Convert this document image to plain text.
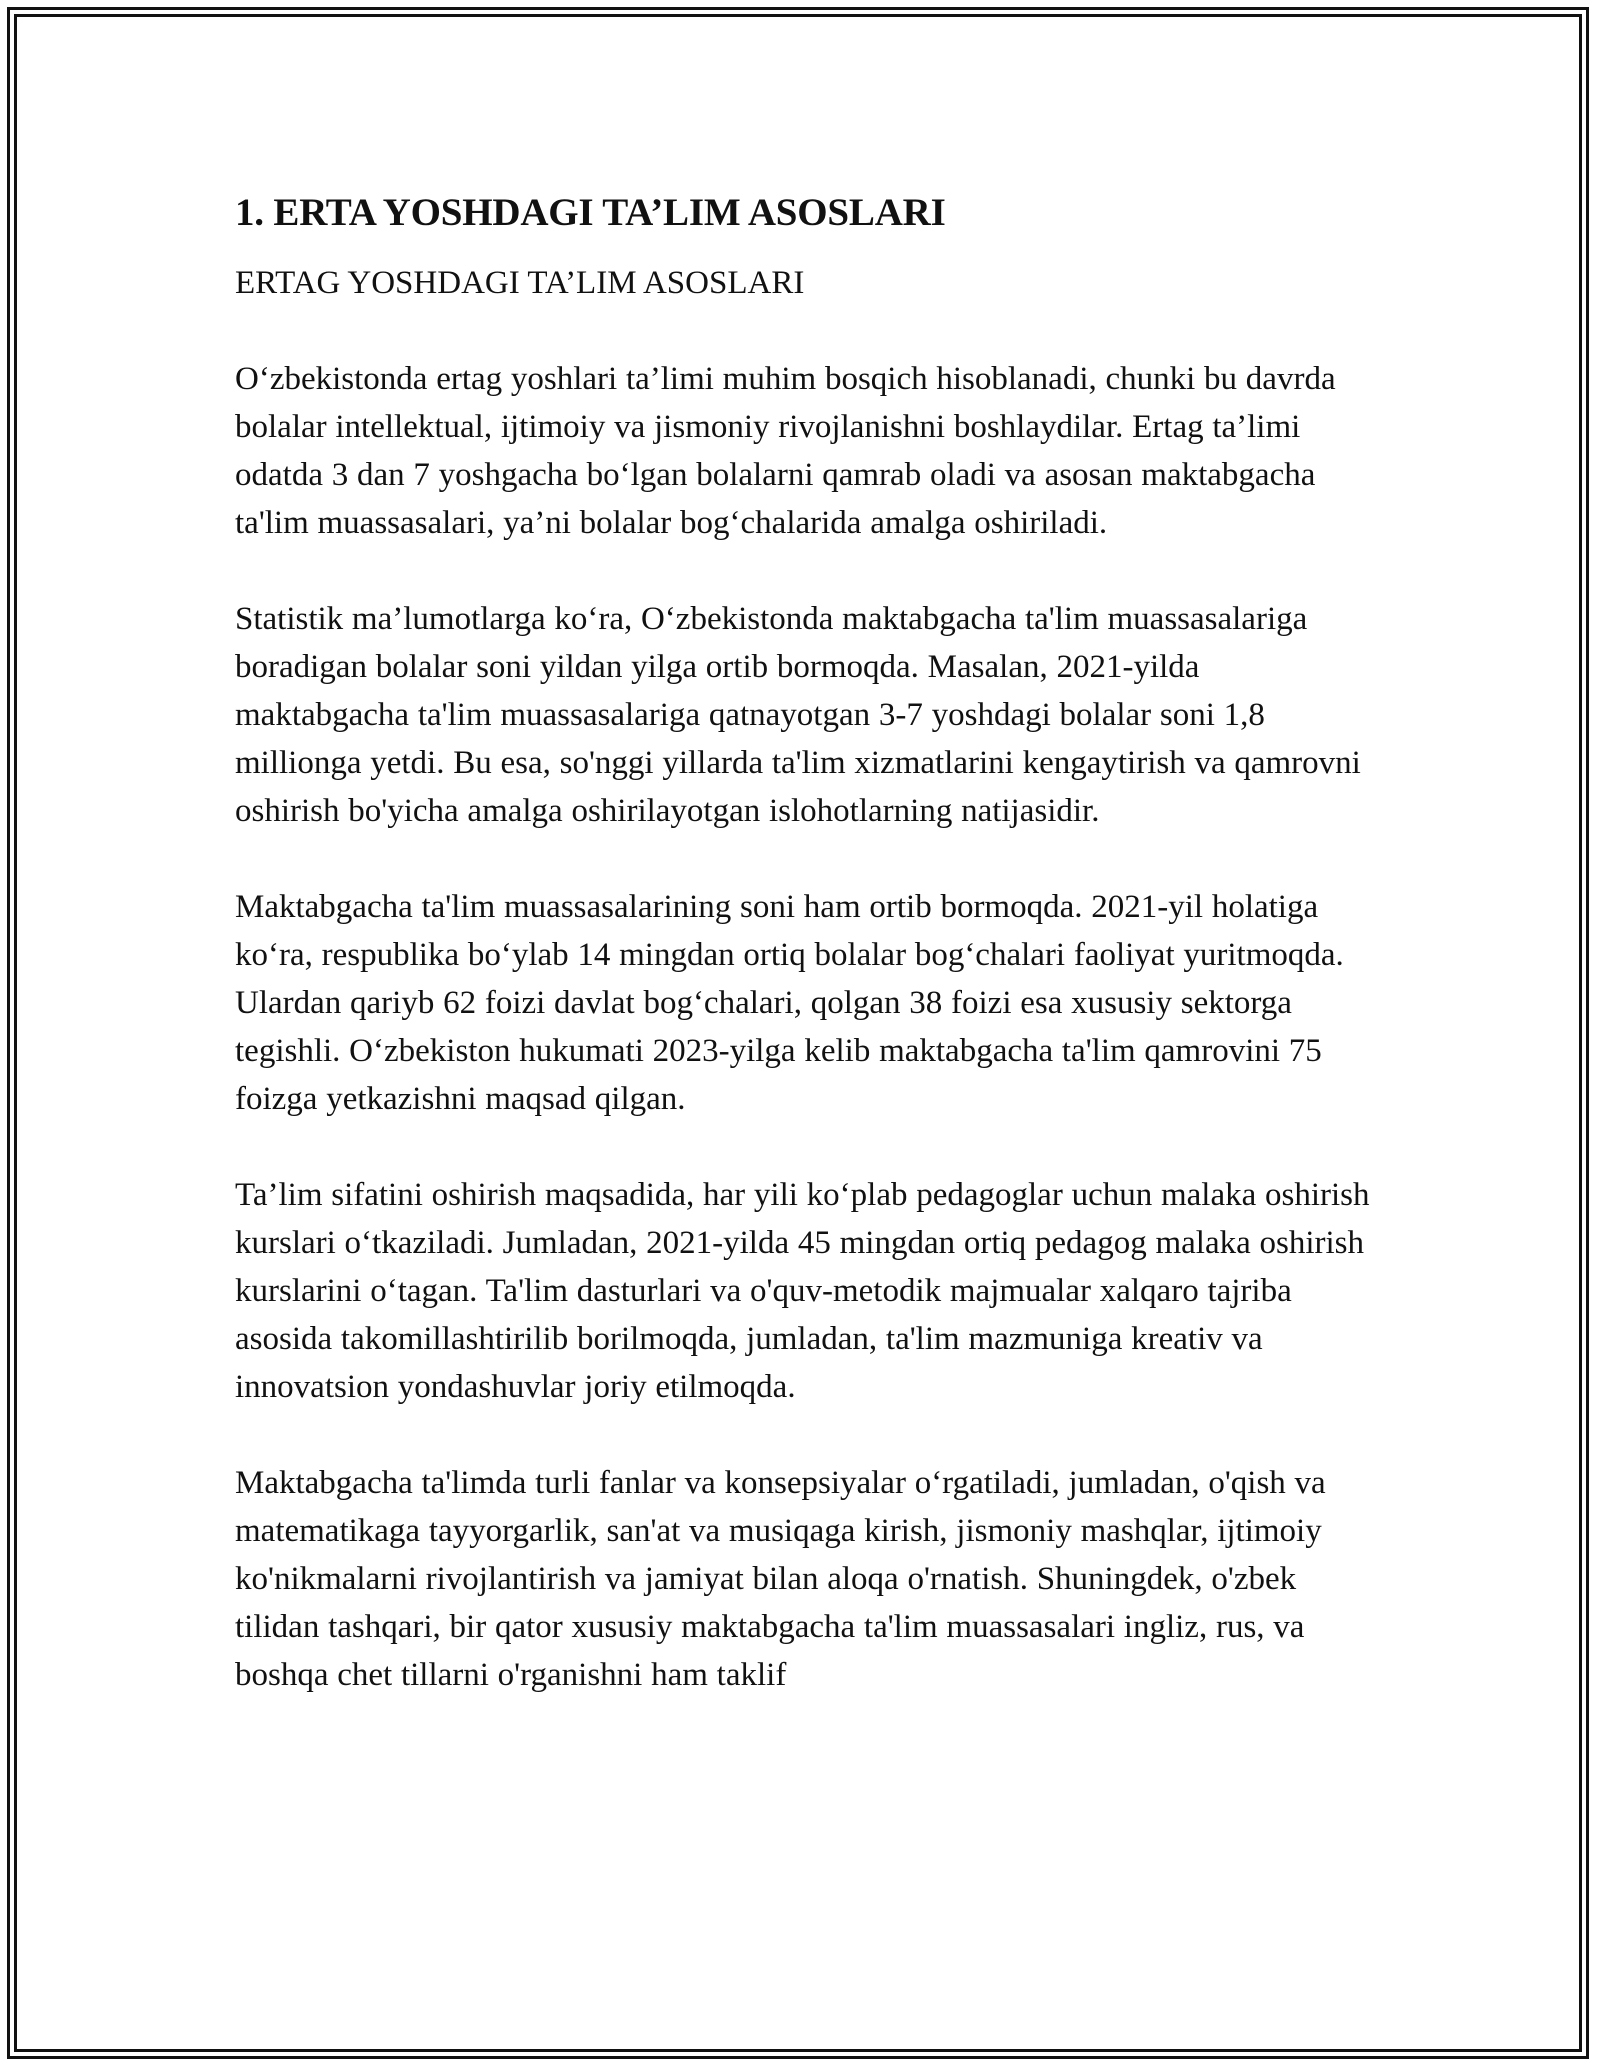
1. ERTA YOSHDAGI TA’LIM ASOSLARI

ERTAG YOSHDAGI TA’LIM ASOSLARI

O‘zbekistonda ertag yoshlari ta’limi muhim bosqich hisoblanadi, chunki bu davrda bolalar intellektual, ijtimoiy va jismoniy rivojlanishni boshlaydilar. Ertag ta’limi odatda 3 dan 7 yoshgacha bo‘lgan bolalarni qamrab oladi va asosan maktabgacha ta'lim muassasalari, ya’ni bolalar bog‘chalarida amalga oshiriladi.

Statistik ma’lumotlarga ko‘ra, O‘zbekistonda maktabgacha ta'lim muassasalariga boradigan bolalar soni yildan yilga ortib bormoqda. Masalan, 2021-yilda maktabgacha ta'lim muassasalariga qatnayotgan 3-7 yoshdagi bolalar soni 1,8 millionga yetdi. Bu esa, so'nggi yillarda ta'lim xizmatlarini kengaytirish va qamrovni oshirish bo'yicha amalga oshirilayotgan islohotlarning natijasidir.

Maktabgacha ta'lim muassasalarining soni ham ortib bormoqda. 2021-yil holatiga ko‘ra, respublika bo‘ylab 14 mingdan ortiq bolalar bog‘chalari faoliyat yuritmoqda. Ulardan qariyb 62 foizi davlat bog‘chalari, qolgan 38 foizi esa xususiy sektorga tegishli. O‘zbekiston hukumati 2023-yilga kelib maktabgacha ta'lim qamrovini 75 foizga yetkazishni maqsad qilgan.

Ta’lim sifatini oshirish maqsadida, har yili ko‘plab pedagoglar uchun malaka oshirish kurslari o‘tkaziladi. Jumladan, 2021-yilda 45 mingdan ortiq pedagog malaka oshirish kurslarini o‘tagan. Ta'lim dasturlari va o'quv-metodik majmualar xalqaro tajriba asosida takomillashtirilib borilmoqda, jumladan, ta'lim mazmuniga kreativ va innovatsion yondashuvlar joriy etilmoqda.

Maktabgacha ta'limda turli fanlar va konsepsiyalar o‘rgatiladi, jumladan, o'qish va matematikaga tayyorgarlik, san'at va musiqaga kirish, jismoniy mashqlar, ijtimoiy ko'nikmalarni rivojlantirish va jamiyat bilan aloqa o'rnatish. Shuningdek, o'zbek tilidan tashqari, bir qator xususiy maktabgacha ta'lim muassasalari ingliz, rus, va boshqa chet tillarni o'rganishni ham taklif
